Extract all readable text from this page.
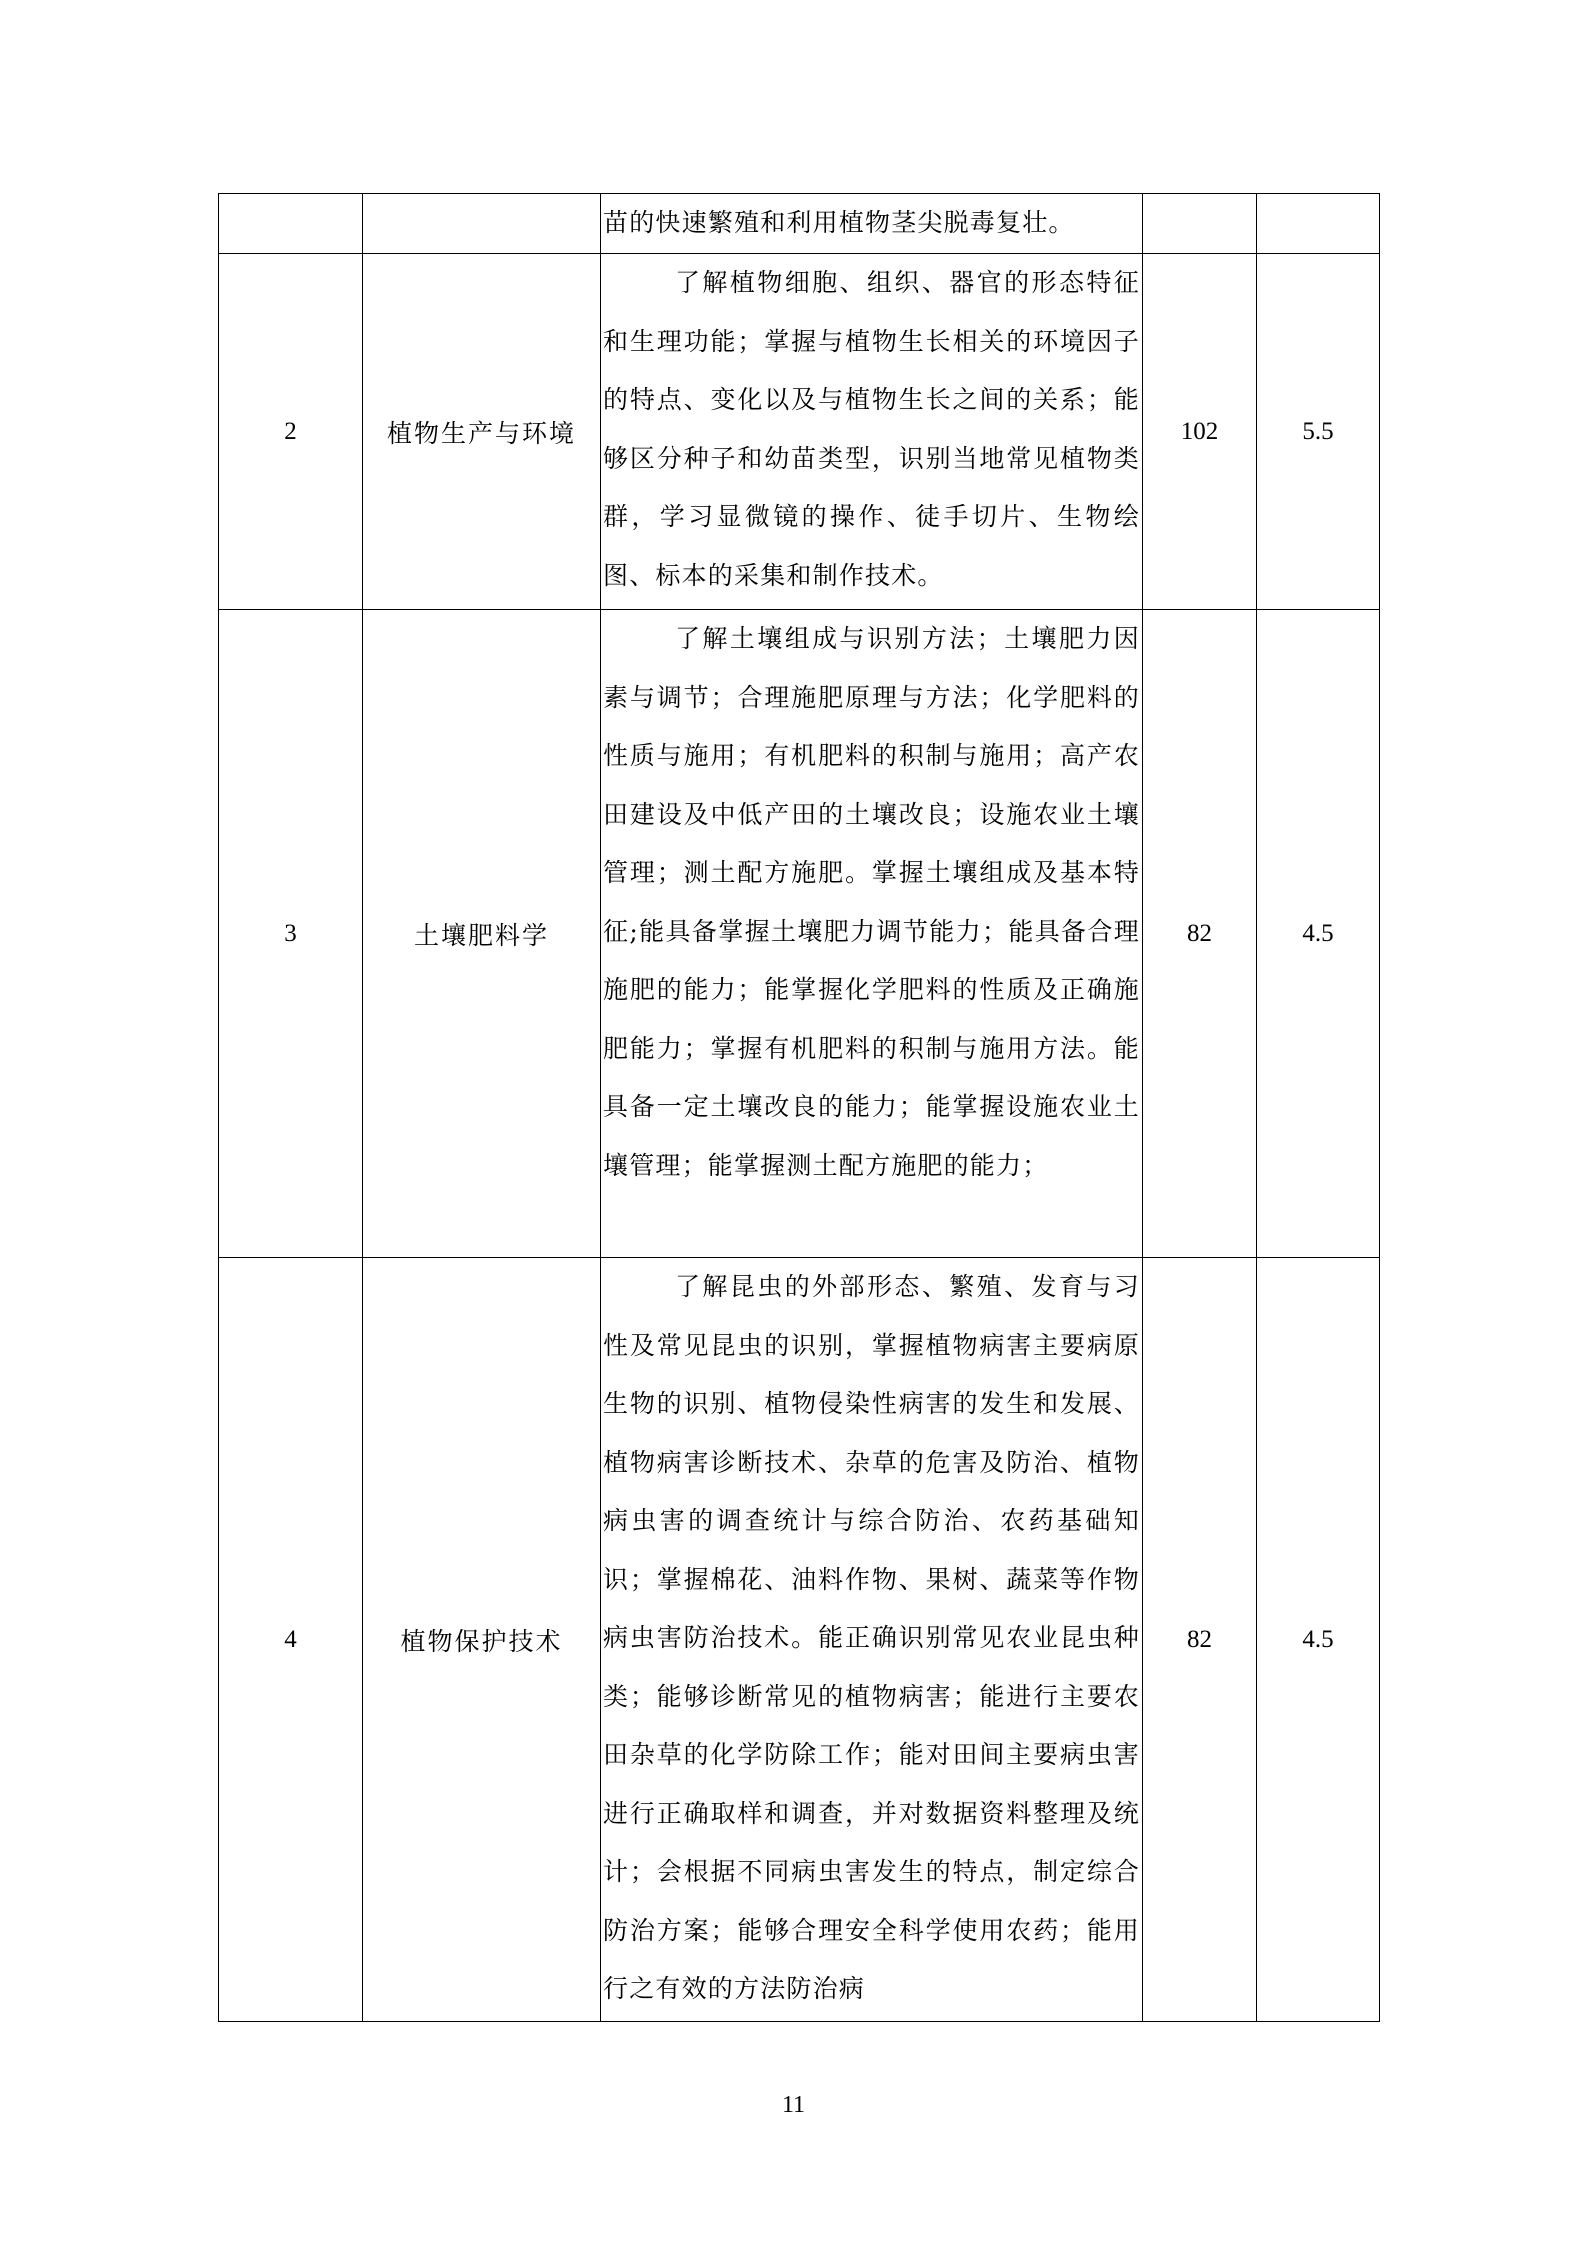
		苗的快速繁殖和利用植物茎尖脱毒复壮。		

2	植物生产与环境	了解植物细胞、组织、器官的形态特征和生理功能；掌握与植物生长相关的环境因子的特点、变化以及与植物生长之间的关系；能够区分种子和幼苗类型，识别当地常见植物类群，学习显微镜的操作、徒手切片、生物绘图、标本的采集和制作技术。	102	5.5
3	土壤肥料学	了解土壤组成与识别方法；土壤肥力因素与调节；合理施肥原理与方法；化学肥料的性质与施用；有机肥料的积制与施用；高产农田建设及中低产田的土壤改良；设施农业土壤管理；测土配方施肥。掌握土壤组成及基本特征;能具备掌握土壤肥力调节能力；能具备合理施肥的能力；能掌握化学肥料的性质及正确施肥能力；掌握有机肥料的积制与施用方法。能具备一定土壤改良的能力；能掌握设施农业土壤管理；能掌握测土配方施肥的能力；	82	4.5
4	植物保护技术	了解昆虫的外部形态、繁殖、发育与习性及常见昆虫的识别，掌握植物病害主要病原生物的识别、植物侵染性病害的发生和发展、植物病害诊断技术、杂草的危害及防治、植物病虫害的调查统计与综合防治、农药基础知识；掌握棉花、油料作物、果树、蔬菜等作物病虫害防治技术。能正确识别常见农业昆虫种类；能够诊断常见的植物病害；能进行主要农田杂草的化学防除工作；能对田间主要病虫害进行正确取样和调查，并对数据资料整理及统计；会根据不同病虫害发生的特点，制定综合防治方案；能够合理安全科学使用农药；能用行之有效的方法防治病	82	4.5
11
